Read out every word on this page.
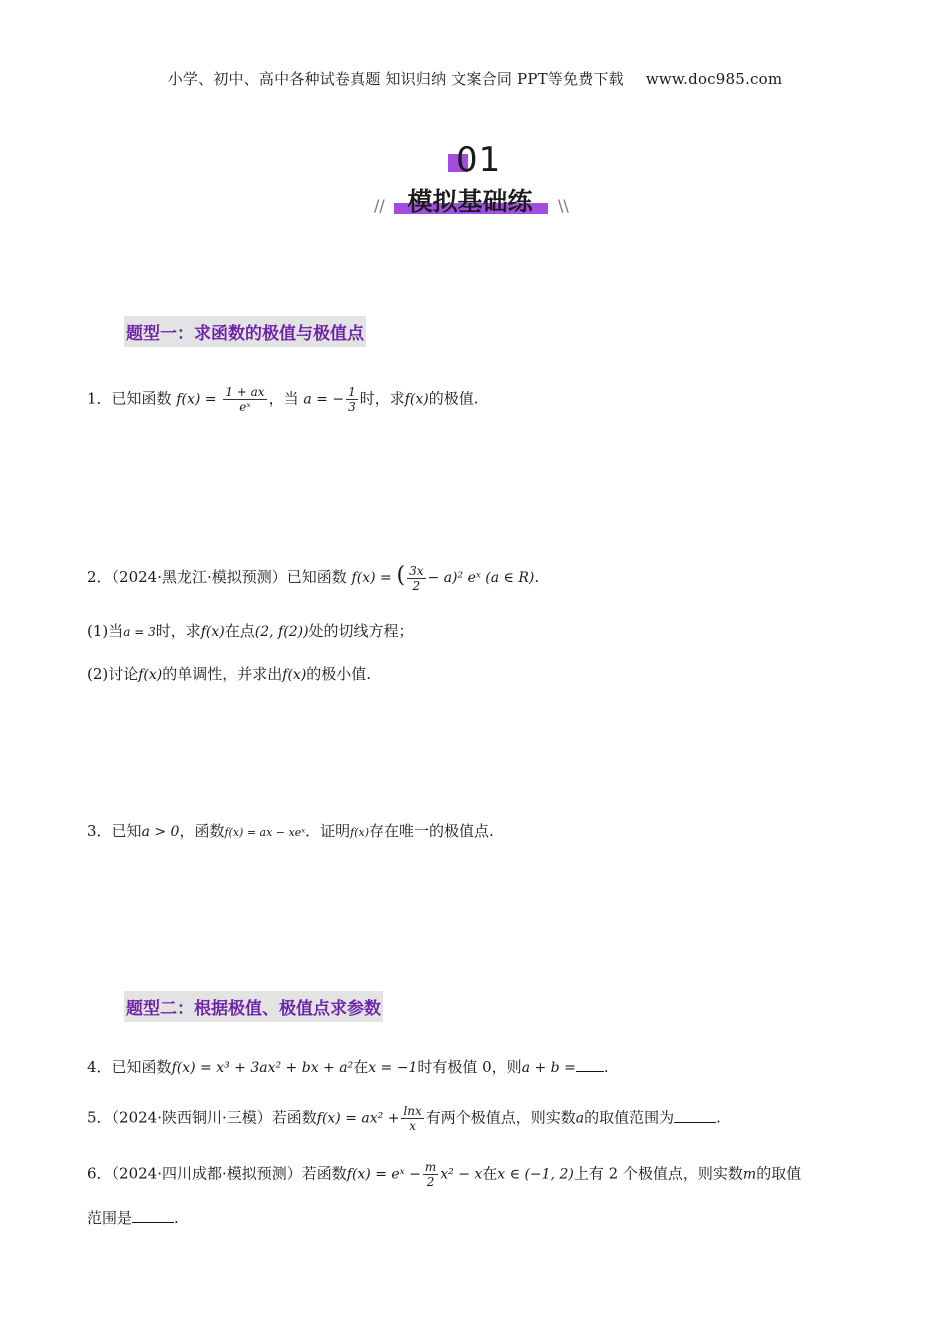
小学、初中、高中各种试卷真题 知识归纳 文案合同 PPT等免费下载 www.doc985.com
01
// 模拟基础练	\\
题型一：求函数的极值与极值点
1．已知函数 $f(x) = \frac{1 + ax}{\text{eˣ}}$ ，当 a = − $\frac{1}{3}$ 时，求f(x)的极值.
2．（2024·黑龙江·模拟预测）已知函数 f(x) = ( $\frac{3x}{2} - a)^2$ eˣ (a ∈ R).
(1)当a = 3时，求f(x)在点(2, f(2))处的切线方程；
(2)讨论f(x)的单调性，并求出f(x)的极小值.
3．已知a > 0，函数f(x) = ax − xeˣ．证明f(x)存在唯一的极值点.
题型二：根据极值、极值点求参数
4．已知函数f(x) = x³ + 3ax² + bx + a²在x = −1时有极值 0，则a + b = .
5．（2024·陕西铜川·三模）若函数$f(x) = ax^2 + \frac{\ln x}{x}$ 有两个极值点，则实数a的取值范围为	.
6．（2024·四川成都·模拟预测）若函数f(x) = eˣ − $\frac{m}{2} x^2 - x$在x ∈ (−1, 2)上有 2 个极值点，则实数m的取值
范围是	.
